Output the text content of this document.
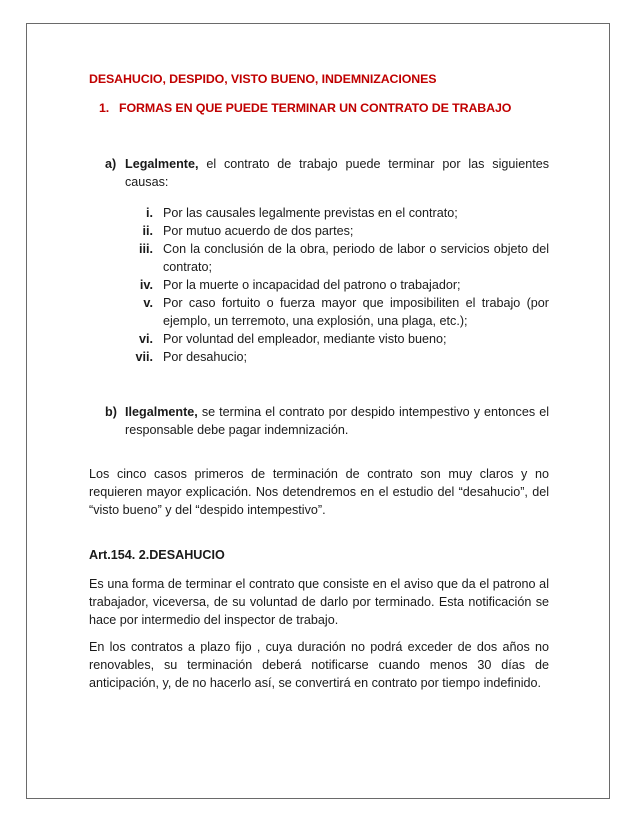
DESAHUCIO, DESPIDO, VISTO BUENO, INDEMNIZACIONES

1. FORMAS EN QUE PUEDE TERMINAR UN CONTRATO DE TRABAJO
a) Legalmente, el contrato de trabajo puede terminar por las siguientes causas:
i. Por las causales legalmente previstas en el contrato;
ii. Por mutuo acuerdo de dos partes;
iii. Con la conclusión de la obra, periodo de labor o servicios objeto del contrato;
iv. Por la muerte o incapacidad del patrono o trabajador;
v. Por caso fortuito o fuerza mayor que imposibiliten el trabajo (por ejemplo, un terremoto, una explosión, una plaga, etc.);
vi. Por voluntad del empleador, mediante visto bueno;
vii. Por desahucio;
b) Ilegalmente, se termina el contrato por despido intempestivo y entonces el responsable debe pagar indemnización.

Los cinco casos primeros de terminación de contrato son muy claros y no requieren mayor explicación. Nos detendremos en el estudio del “desahucio”, del “visto bueno” y del “despido intempestivo”.

Art.154. 2.DESAHUCIO

Es una forma de terminar el contrato que consiste en el aviso que da el patrono al trabajador, viceversa, de su voluntad de darlo por terminado. Esta notificación se hace por intermedio del inspector de trabajo.

En los contratos a plazo fijo , cuya duración no podrá exceder de dos años no renovables, su terminación deberá notificarse cuando menos 30 días de anticipación, y, de no hacerlo así, se convertirá en contrato por tiempo indefinido.
